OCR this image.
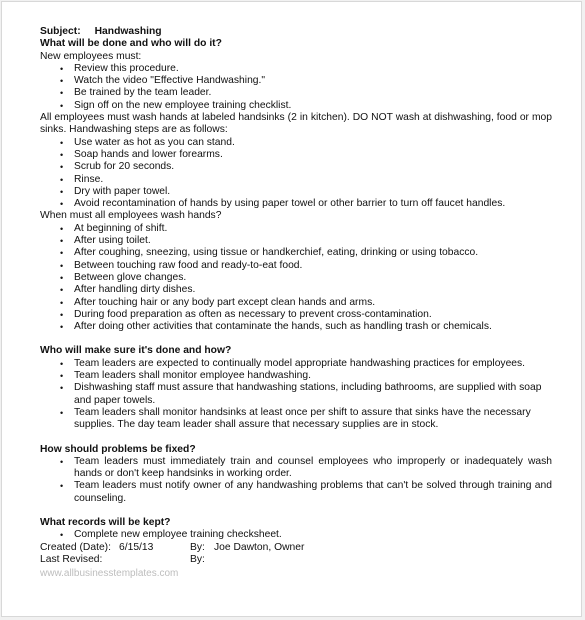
Subject: Handwashing
What will be done and who will do it?
New employees must:
• Review this procedure.
• Watch the video "Effective Handwashing."
• Be trained by the team leader.
• Sign off on the new employee training checklist.
All employees must wash hands at labeled handsinks (2 in kitchen). DO NOT wash at dishwashing, food or mop sinks. Handwashing steps are as follows:
• Use water as hot as you can stand.
• Soap hands and lower forearms.
• Scrub for 20 seconds.
• Rinse.
• Dry with paper towel.
• Avoid recontamination of hands by using paper towel or other barrier to turn off faucet handles.
When must all employees wash hands?
• At beginning of shift.
• After using toilet.
• After coughing, sneezing, using tissue or handkerchief, eating, drinking or using tobacco.
• Between touching raw food and ready-to-eat food.
• Between glove changes.
• After handling dirty dishes.
• After touching hair or any body part except clean hands and arms.
• During food preparation as often as necessary to prevent cross-contamination.
• After doing other activities that contaminate the hands, such as handling trash or chemicals.
Who will make sure it's done and how?
• Team leaders are expected to continually model appropriate handwashing practices for employees.
• Team leaders shall monitor employee handwashing.
• Dishwashing staff must assure that handwashing stations, including bathrooms, are supplied with soap and paper towels.
• Team leaders shall monitor handsinks at least once per shift to assure that sinks have the necessary supplies. The day team leader shall assure that necessary supplies are in stock.
How should problems be fixed?
• Team leaders must immediately train and counsel employees who improperly or inadequately wash hands or don't keep handsinks in working order.
• Team leaders must notify owner of any handwashing problems that can't be solved through training and counseling.
What records will be kept?
• Complete new employee training checksheet.
Created (Date): 6/15/13	By: Joe Dawton, Owner
Last Revised:	By:
www.allbusinesstemplates.com
